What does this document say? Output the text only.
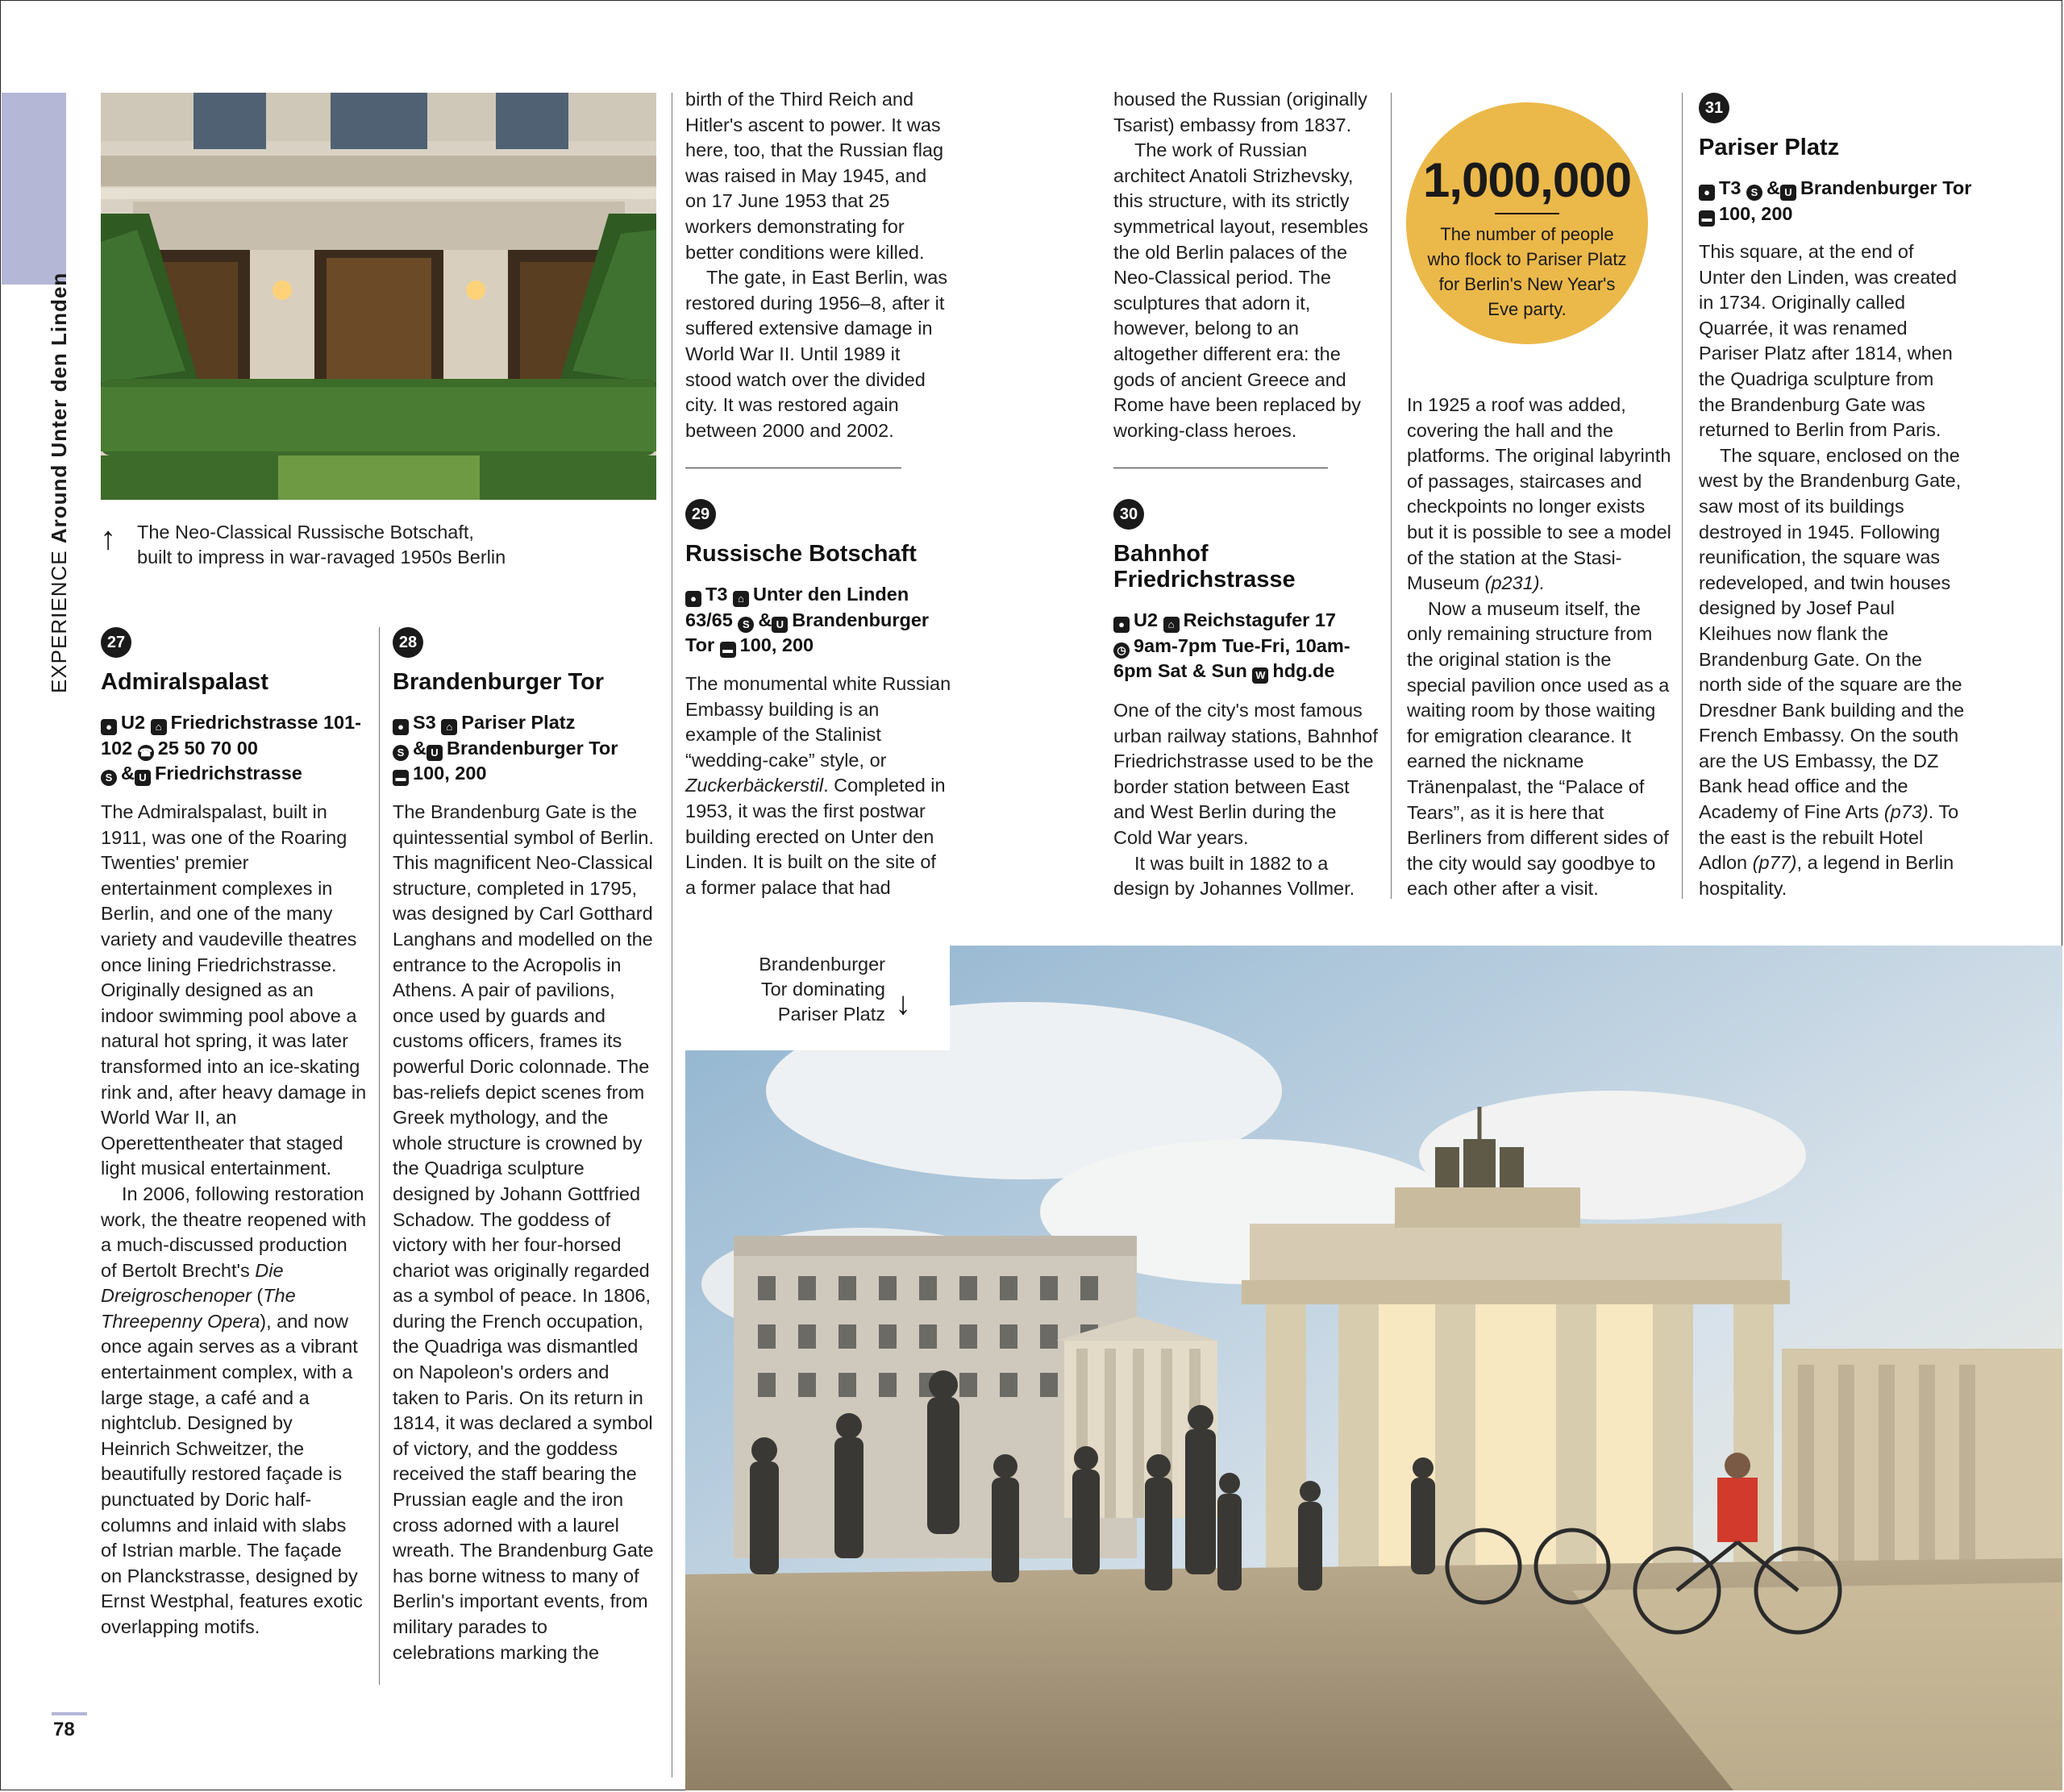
EXPERIENCE Around Unter den Linden ↑ The Neo-Classical Russische Botschaft,
built to impress in war-ravaged 1950s Berlin
27
Admiralspalast
● U2 ⌂ Friedrichstrasse 101-102 ☎ 25 50 70 00
S & U Friedrichstrasse

The Admiralspalast, built in 1911, was one of the Roaring Twenties' premier entertainment complexes in Berlin, and one of the many variety and vaudeville theatres once lining Friedrichstrasse. Originally designed as an indoor swimming pool above a natural hot spring, it was later transformed into an ice-skating rink and, after heavy damage in World War II, an Operettentheater that staged light musical entertainment.

In 2006, following restoration work, the theatre reopened with a much-discussed production of Bertolt Brecht's Die Dreigroschenoper (The Threepenny Opera), and now once again serves as a vibrant entertainment complex, with a large stage, a café and a nightclub. Designed by Heinrich Schweitzer, the beautifully restored façade is punctuated by Doric half-columns and inlaid with slabs of Istrian marble. The façade on Planckstrasse, designed by Ernst Westphal, features exotic overlapping motifs.

28
Brandenburger Tor
● S3 ⌂ Pariser Platz
S & U Brandenburger Tor
▬ 100, 200

The Brandenburg Gate is the quintessential symbol of Berlin. This magnificent Neo-Classical structure, completed in 1795, was designed by Carl Gotthard Langhans and modelled on the entrance to the Acropolis in Athens. A pair of pavilions, once used by guards and customs officers, frames its powerful Doric colonnade. The bas-reliefs depict scenes from Greek mythology, and the whole structure is crowned by the Quadriga sculpture designed by Johann Gottfried Schadow. The goddess of victory with her four-horsed chariot was originally regarded as a symbol of peace. In 1806, during the French occupation, the Quadriga was dismantled on Napoleon's orders and taken to Paris. On its return in 1814, it was declared a symbol of victory, and the goddess received the staff bearing the Prussian eagle and the iron cross adorned with a laurel wreath. The Brandenburg Gate has borne witness to many of Berlin's important events, from military parades to celebrations marking the

birth of the Third Reich and Hitler's ascent to power. It was here, too, that the Russian flag was raised in May 1945, and on 17 June 1953 that 25 workers demonstrating for better conditions were killed.

The gate, in East Berlin, was restored during 1956–8, after it suffered extensive damage in World War II. Until 1989 it stood watch over the divided city. It was restored again between 2000 and 2002.

29
Russische Botschaft
● T3 ⌂ Unter den Linden 63/65 S & U Brandenburger Tor ▬ 100, 200

The monumental white Russian Embassy building is an example of the Stalinist “wedding-cake” style, or Zuckerbäckerstil. Completed in 1953, it was the first postwar building erected on Unter den Linden. It is built on the site of a former palace that had

housed the Russian (originally Tsarist) embassy from 1837.

The work of Russian architect Anatoli Strizhevsky, this structure, with its strictly symmetrical layout, resembles the old Berlin palaces of the Neo-Classical period. The sculptures that adorn it, however, belong to an altogether different era: the gods of ancient Greece and Rome have been replaced by working-class heroes.

30
Bahnhof Friedrichstrasse
● U2 ⌂ Reichstagufer 17
◷ 9am-7pm Tue-Fri, 10am-6pm Sat & Sun W hdg.de

One of the city's most famous urban railway stations, Bahnhof Friedrichstrasse used to be the border station between East and West Berlin during the Cold War years.

It was built in 1882 to a design by Johannes Vollmer.

1,000,000
The number of people who flock to Pariser Platz for Berlin's New Year's Eve party.

In 1925 a roof was added, covering the hall and the platforms. The original labyrinth of passages, staircases and checkpoints no longer exists but it is possible to see a model of the station at the Stasi-Museum (p231).

Now a museum itself, the only remaining structure from the original station is the special pavilion once used as a waiting room by those waiting for emigration clearance. It earned the nickname Tränenpalast, the “Palace of Tears”, as it is here that Berliners from different sides of the city would say goodbye to each other after a visit.

31
Pariser Platz
● T3 S & U Brandenburger Tor ▬ 100, 200

This square, at the end of Unter den Linden, was created in 1734. Originally called Quarrée, it was renamed Pariser Platz after 1814, when the Quadriga sculpture from the Brandenburg Gate was returned to Berlin from Paris.

The square, enclosed on the west by the Brandenburg Gate, saw most of its buildings destroyed in 1945. Following reunification, the square was redeveloped, and twin houses designed by Josef Paul Kleihues now flank the Brandenburg Gate. On the north side of the square are the Dresdner Bank building and the French Embassy. On the south are the US Embassy, the DZ Bank head office and the Academy of Fine Arts (p73). To the east is the rebuilt Hotel Adlon (p77), a legend in Berlin hospitality.

Brandenburger
Tor dominating
Pariser Platz ↓
78
